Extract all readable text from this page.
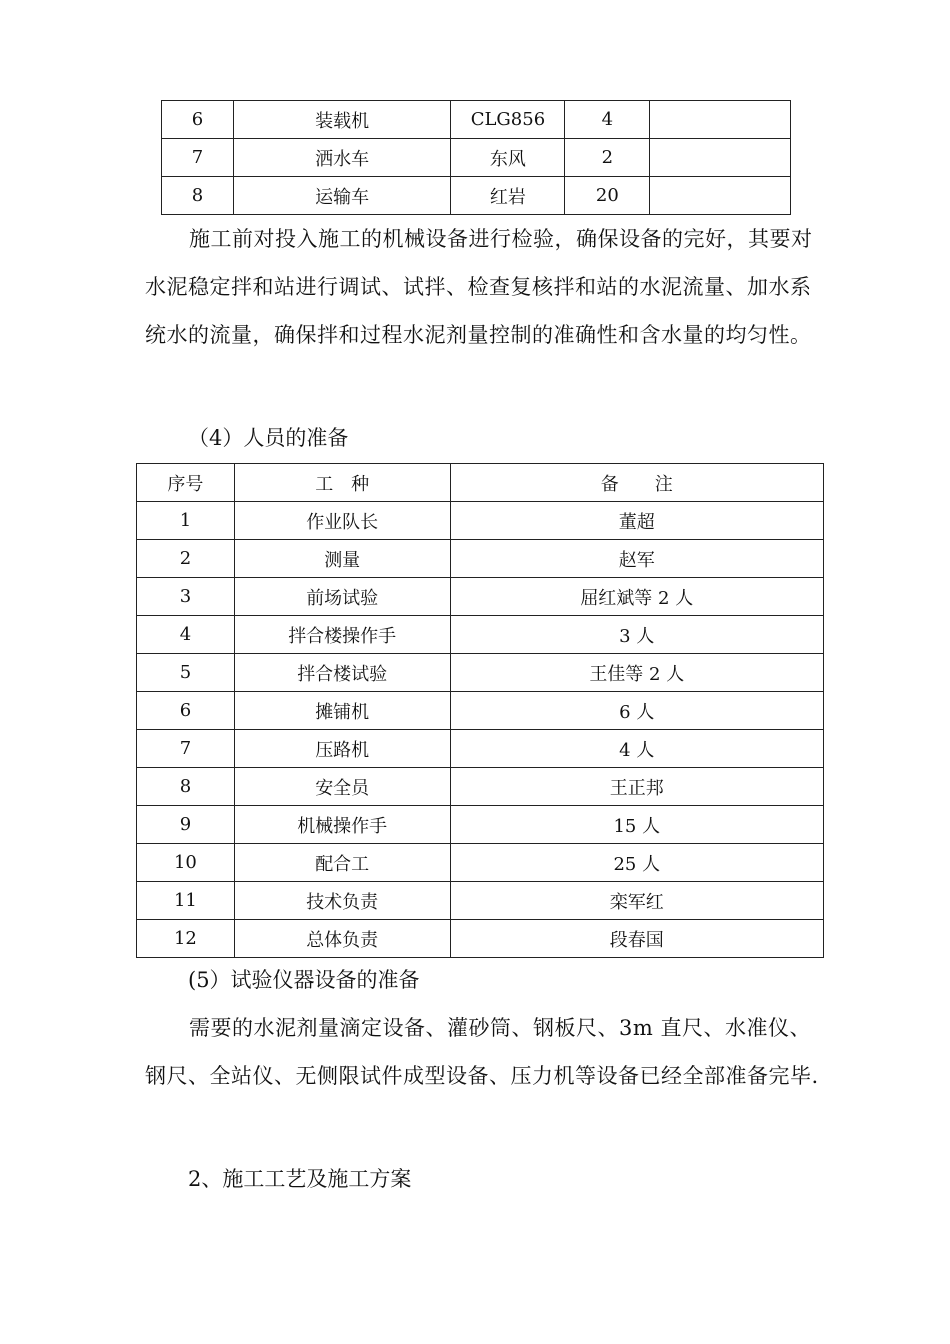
6	装载机	CLG856	4	
7	洒水车	东风	2	
8	运输车	红岩	20	

施工前对投入施工的机械设备进行检验，确保设备的完好，其要对水泥稳定拌和站进行调试、试拌、检查复核拌和站的水泥流量、加水系统水的流量，确保拌和过程水泥剂量控制的准确性和含水量的均匀性。

（4）人员的准备

序号	工　种	备　　注
1	作业队长	董超
2	测量	赵军
3	前场试验	屈红斌等 2 人
4	拌合楼操作手	3 人
5	拌合楼试验	王佳等 2 人
6	摊铺机	6 人
7	压路机	4 人
8	安全员	王正邦
9	机械操作手	15 人
10	配合工	25 人
11	技术负责	栾军红
12	总体负责	段春国

(5）试验仪器设备的准备

需要的水泥剂量滴定设备、灌砂筒、钢板尺、3m 直尺、水准仪、钢尺、全站仪、无侧限试件成型设备、压力机等设备已经全部准备完毕.

2、施工工艺及施工方案
